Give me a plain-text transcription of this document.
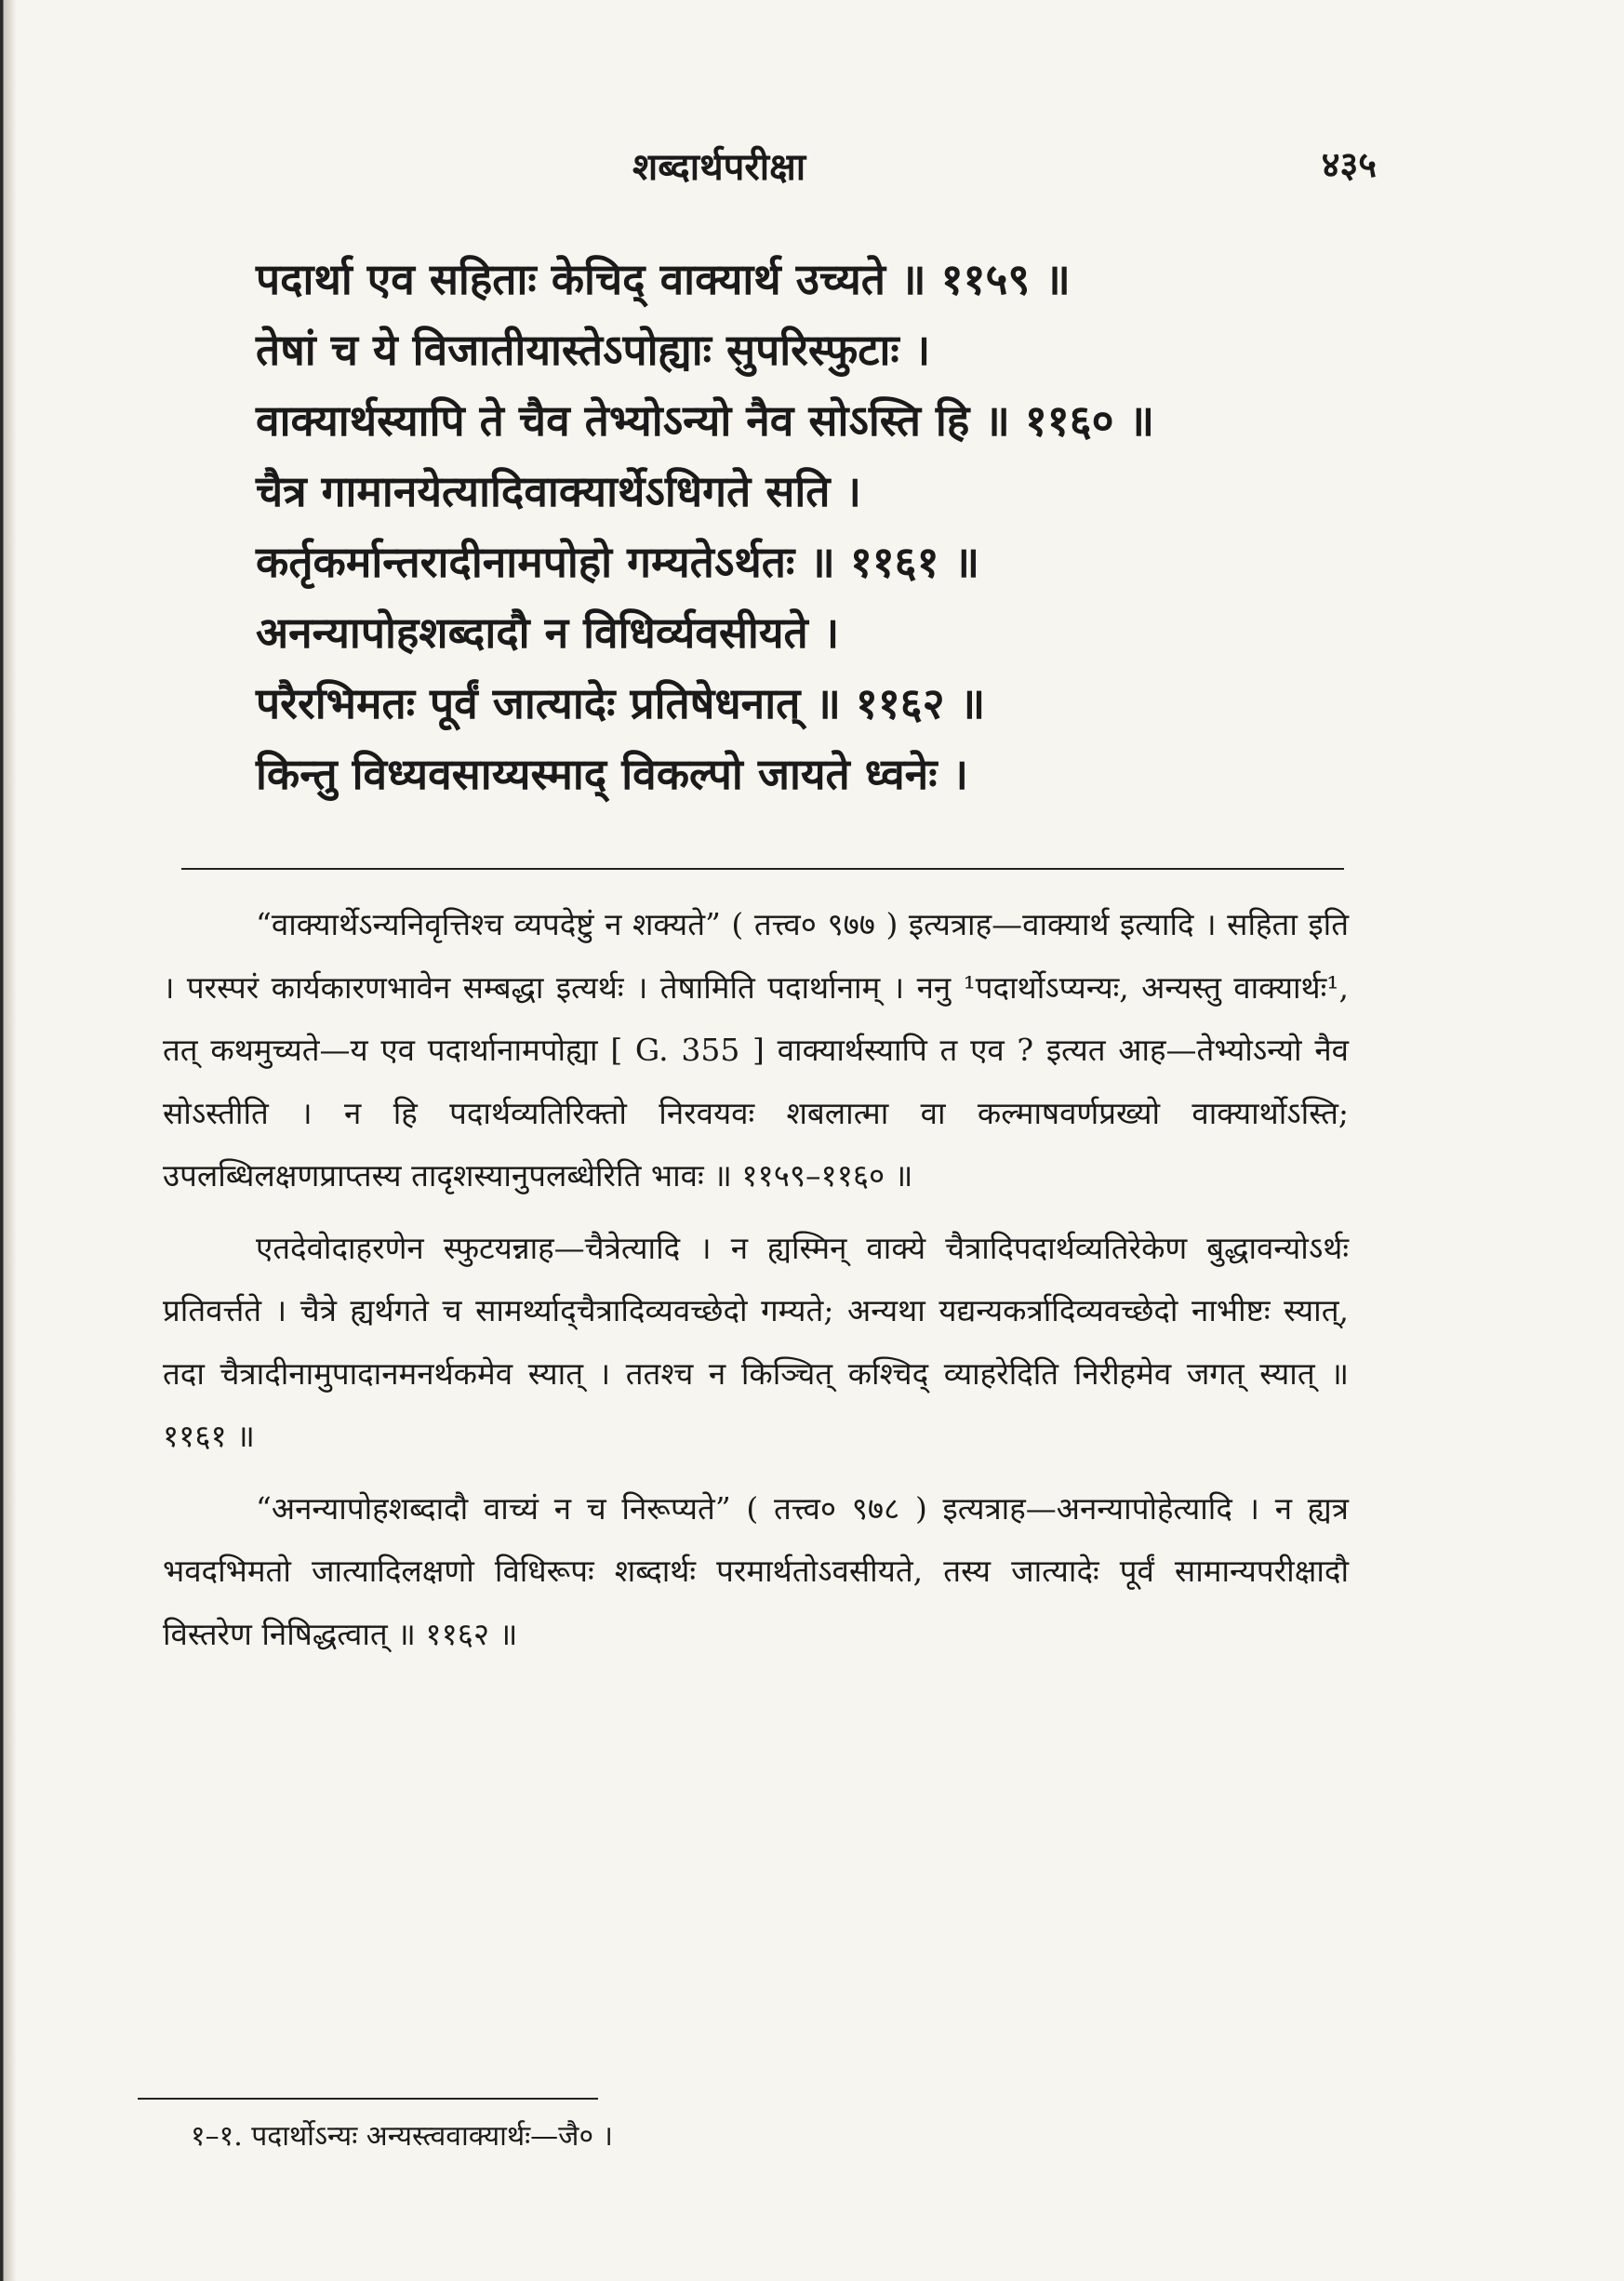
शब्दार्थपरीक्षा	४३५
पदार्था एव सहिताः केचिद् वाक्यार्थ उच्यते ॥ ११५९ ॥
तेषां च ये विजातीयास्तेऽपोह्याः सुपरिस्फुटाः ।
वाक्यार्थस्यापि ते चैव तेभ्योऽन्यो नैव सोऽस्ति हि ॥ ११६० ॥
चैत्र गामानयेत्यादिवाक्यार्थेऽधिगते सति ।
कर्तृकर्मान्तरादीनामपोहो गम्यतेऽर्थतः ॥ ११६१ ॥
अनन्यापोहशब्दादौ न विधिर्व्यवसीयते ।
परैरभिमतः पूर्वं जात्यादेः प्रतिषेधनात् ॥ ११६२ ॥
किन्तु विध्यवसाय्यस्माद् विकल्पो जायते ध्वनेः ।

“वाक्यार्थेऽन्यनिवृत्तिश्च व्यपदेष्टुं न शक्यते” ( तत्त्व० ९७७ ) इत्यत्राह—वाक्यार्थ इत्यादि । सहिता इति । परस्परं कार्यकारणभावेन सम्बद्धा इत्यर्थः । तेषामिति पदार्थानाम् । ननु ¹पदार्थोऽप्यन्यः, अन्यस्तु वाक्यार्थः¹, तत् कथमुच्यते—य एव पदार्थानामपोह्या [ G. 355 ] वाक्यार्थस्यापि त एव ? इत्यत आह—तेभ्योऽन्यो नैव सोऽस्तीति । न हि पदार्थव्यतिरिक्तो निरवयवः शबलात्मा वा कल्माषवर्णप्रख्यो वाक्यार्थोऽस्ति; उपलब्धिलक्षणप्राप्तस्य तादृशस्यानुपलब्धेरिति भावः ॥ ११५९–११६० ॥

एतदेवोदाहरणेन स्फुटयन्नाह—चैत्रेत्यादि । न ह्यस्मिन् वाक्ये चैत्रादिपदार्थव्यतिरेकेण बुद्धावन्योऽर्थः प्रतिवर्त्तते । चैत्रे ह्यर्थगते च सामर्थ्याद्चैत्रादिव्यवच्छेदो गम्यते; अन्यथा यद्यन्यकर्त्रादिव्यवच्छेदो नाभीष्टः स्यात्, तदा चैत्रादीनामुपादानमनर्थकमेव स्यात् । ततश्च न किञ्चित् कश्चिद् व्याहरेदिति निरीहमेव जगत् स्यात् ॥ ११६१ ॥

“अनन्यापोहशब्दादौ वाच्यं न च निरूप्यते” ( तत्त्व० ९७८ ) इत्यत्राह—अनन्यापोहेत्यादि । न ह्यत्र भवदभिमतो जात्यादिलक्षणो विधिरूपः शब्दार्थः परमार्थतोऽवसीयते, तस्य जात्यादेः पूर्वं सामान्यपरीक्षादौ विस्तरेण निषिद्धत्वात् ॥ ११६२ ॥

१–१. पदार्थोऽन्यः अन्यस्त्ववाक्यार्थः—जै० ।
